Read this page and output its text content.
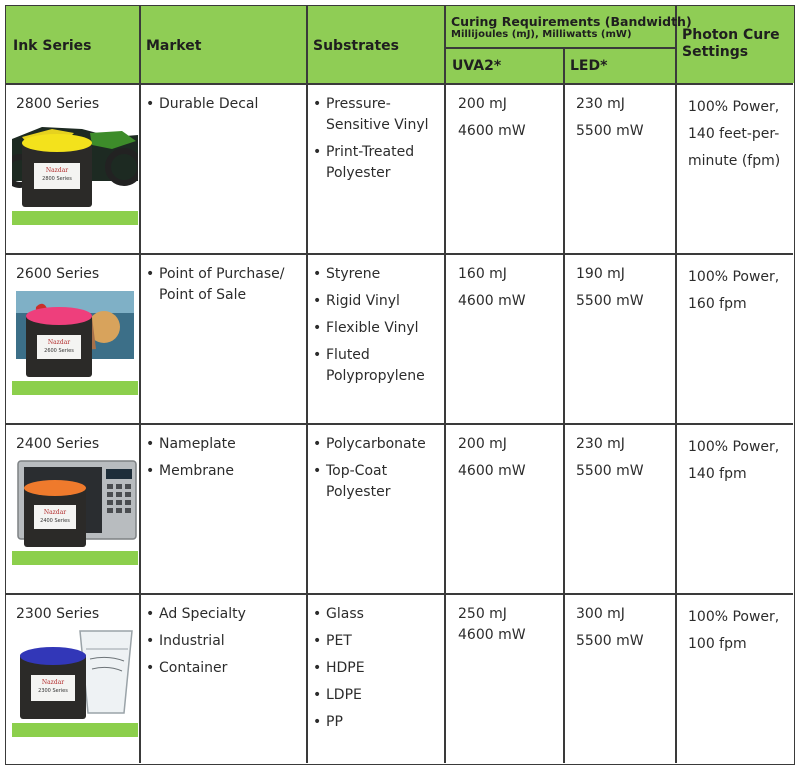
Ink Series	Market	Substrates
Curing Requirements (Bandwidth)
Millijoules (mJ), Milliwatts (mW)
UVA2*	LED*
Photon Cure
Settings
2800 Series
Nazdar
2800 Series
• Durable Decal
•	Pressure-Sensitive Vinyl
• Print-Treated Polyester
200 mJ
4600 mW
230 mJ
5500 mW
100% Power, 140 feet-per-minute (fpm)
2600 Series
Nazdar
2600 Series
• Point of Purchase/ Point of Sale
• Styrene
• Rigid Vinyl
• Flexible Vinyl
• Fluted Polypropylene
160 mJ
4600 mW
190 mJ
5500 mW
100% Power, 160 fpm
2400 Series
Nazdar
2400 Series
• Nameplate
• Membrane
• Polycarbonate
• Top-Coat Polyester
200 mJ
4600 mW
230 mJ
5500 mW
100% Power, 140 fpm
2300 Series
Nazdar
2300 Series
• Ad Specialty
• Industrial
• Container
• Glass
• PET
• HDPE
• LDPE
• PP
250 mJ
4600 mW
300 mJ
5500 mW
100% Power, 100 fpm
